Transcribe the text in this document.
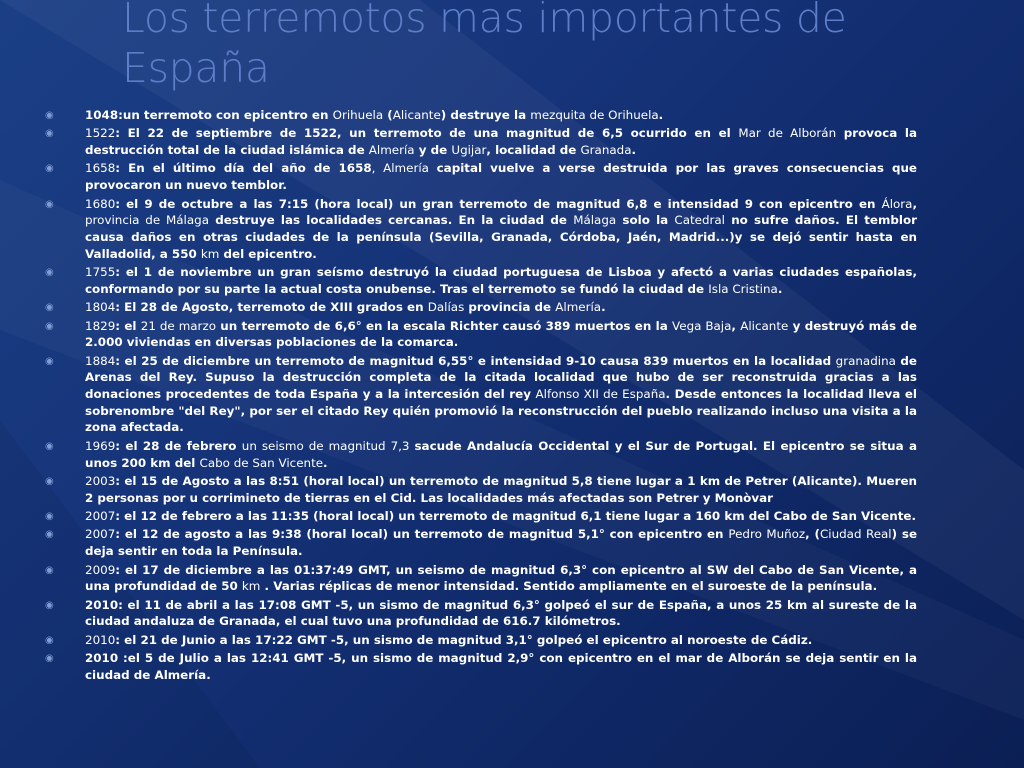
Los terremotos mas importantes de España
◉	1048:un terremoto con epicentro en Orihuela (Alicante) destruye la mezquita de Orihuela.
◉	1522: El 22 de septiembre de 1522, un terremoto de una magnitud de 6,5 ocurrido en el Mar de Alborán provoca la destrucción total de la ciudad islámica de Almería y de Ugijar, localidad de Granada.
◉	1658: En el último día del año de 1658, Almería capital vuelve a verse destruida por las graves consecuencias que provocaron un nuevo temblor.
◉	1680: el 9 de octubre a las 7:15 (hora local) un gran terremoto de magnitud 6,8 e intensidad 9 con epicentro en Álora, provincia de Málaga destruye las localidades cercanas. En la ciudad de Málaga solo la Catedral no sufre daños. El temblor causa daños en otras ciudades de la península (Sevilla, Granada, Córdoba, Jaén, Madrid...)y se dejó sentir hasta en Valladolid, a 550 km del epicentro.
◉	1755: el 1 de noviembre un gran seísmo destruyó la ciudad portuguesa de Lisboa y afectó a varias ciudades españolas, conformando por su parte la actual costa onubense. Tras el terremoto se fundó la ciudad de Isla Cristina.
◉	1804: El 28 de Agosto, terremoto de XIII grados en Dalías provincia de Almería.
◉	1829: el 21 de marzo un terremoto de 6,6° en la escala Richter causó 389 muertos en la Vega Baja, Alicante y destruyó más de 2.000 viviendas en diversas poblaciones de la comarca.
◉	1884: el 25 de diciembre un terremoto de magnitud 6,55° e intensidad 9-10 causa 839 muertos en la localidad granadina de Arenas del Rey. Supuso la destrucción completa de la citada localidad que hubo de ser reconstruida gracias a las donaciones procedentes de toda España y a la intercesión del rey Alfonso XII de España. Desde entonces la localidad lleva el sobrenombre "del Rey", por ser el citado Rey quién promovió la reconstrucción del pueblo realizando incluso una visita a la zona afectada.
◉	1969: el 28 de febrero un seismo de magnitud 7,3 sacude Andalucía Occidental y el Sur de Portugal. El epicentro se situa a unos 200 km del Cabo de San Vicente.
◉	2003: el 15 de Agosto a las 8:51 (horal local) un terremoto de magnitud 5,8 tiene lugar a 1 km de Petrer (Alicante). Mueren 2 personas por u corrimineto de tierras en el Cid. Las localidades más afectadas son Petrer y Monòvar
◉	2007: el 12 de febrero a las 11:35 (horal local) un terremoto de magnitud 6,1 tiene lugar a 160 km del Cabo de San Vicente.
◉	2007: el 12 de agosto a las 9:38 (horal local) un terremoto de magnitud 5,1° con epicentro en Pedro Muñoz, (Ciudad Real) se deja sentir en toda la Península.
◉	2009: el 17 de diciembre a las 01:37:49 GMT, un seismo de magnitud 6,3° con epicentro al SW del Cabo de San Vicente, a una profundidad de 50 km . Varias réplicas de menor intensidad. Sentido ampliamente en el suroeste de la península.
◉	2010: el 11 de abril a las 17:08 GMT -5, un sismo de magnitud 6,3° golpeó el sur de España, a unos 25 km al sureste de la ciudad andaluza de Granada, el cual tuvo una profundidad de 616.7 kilómetros.
◉	2010: el 21 de Junio a las 17:22 GMT -5, un sismo de magnitud 3,1° golpeó el epicentro al noroeste de Cádiz.
◉	2010 :el 5 de Julio a las 12:41 GMT -5, un sismo de magnitud 2,9° con epicentro en el mar de Alborán se deja sentir en la ciudad de Almería.
